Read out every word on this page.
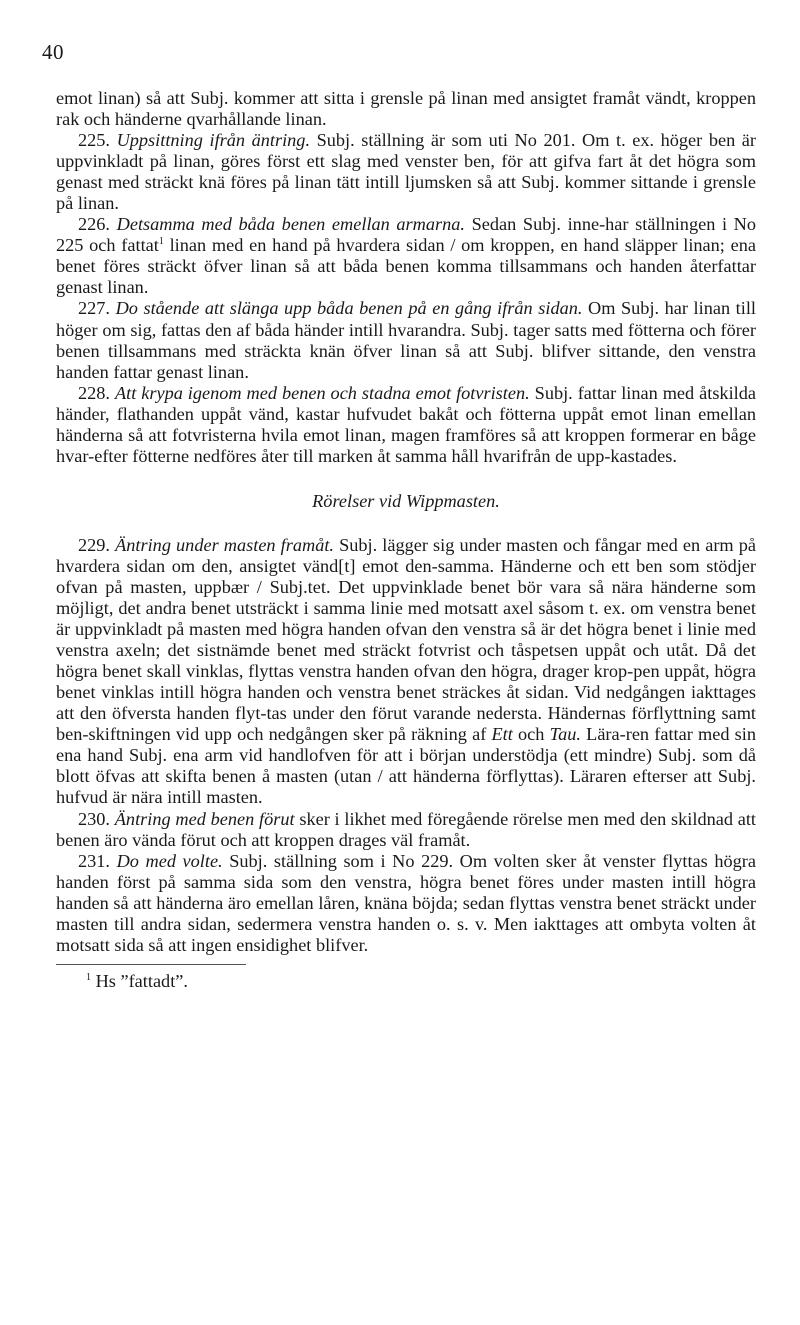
40

emot linan) så att Subj. kommer att sitta i grensle på linan med ansigtet framåt vändt, kroppen rak och händerne qvarhållande linan.

225. Uppsittning ifrån äntring. Subj. ställning är som uti No 201. Om t. ex. höger ben är uppvinkladt på linan, göres först ett slag med venster ben, för att gifva fart åt det högra som genast med sträckt knä föres på linan tätt intill ljumsken så att Subj. kommer sittande i grensle på linan.

226. Detsamma med båda benen emellan armarna. Sedan Subj. inne-har ställningen i No 225 och fattat$^1$ linan med en hand på hvardera sidan / om kroppen, en hand släpper linan; ena benet föres sträckt öfver linan så att båda benen komma tillsammans och handen återfattar genast linan.

227. Do stående att slänga upp båda benen på en gång ifrån sidan. Om Subj. har linan till höger om sig, fattas den af båda händer intill hvarandra. Subj. tager satts med fötterna och förer benen tillsammans med sträckta knän öfver linan så att Subj. blifver sittande, den venstra handen fattar genast linan.

228. Att krypa igenom med benen och stadna emot fotvristen. Subj. fattar linan med åtskilda händer, flathanden uppåt vänd, kastar hufvudet bakåt och fötterna uppåt emot linan emellan händerna så att fotvristerna hvila emot linan, magen framföres så att kroppen formerar en båge hvar-efter fötterne nedföres åter till marken åt samma håll hvarifrån de upp-kastades.

Rörelser vid Wippmasten.

229. Äntring under masten framåt. Subj. lägger sig under masten och fångar med en arm på hvardera sidan om den, ansigtet vänd[t] emot den-samma. Händerne och ett ben som stödjer ofvan på masten, uppbær / Subj.tet. Det uppvinklade benet bör vara så nära händerne som möjligt, det andra benet utsträckt i samma linie med motsatt axel såsom t. ex. om venstra benet är uppvinkladt på masten med högra handen ofvan den venstra så är det högra benet i linie med venstra axeln; det sistnämde benet med sträckt fotvrist och tåspetsen uppåt och utåt. Då det högra benet skall vinklas, flyttas venstra handen ofvan den högra, drager krop-pen uppåt, högra benet vinklas intill högra handen och venstra benet sträckes åt sidan. Vid nedgången iakttages att den öfversta handen flyt-tas under den förut varande nedersta. Händernas förflyttning samt ben-skiftningen vid upp och nedgången sker på räkning af Ett och Tau. Lära-ren fattar med sin ena hand Subj. ena arm vid handlofven för att i början understödja (ett mindre) Subj. som då blott öfvas att skifta benen å masten (utan / att händerna förflyttas). Läraren efterser att Subj. hufvud är nära intill masten.

230. Äntring med benen förut sker i likhet med föregående rörelse men med den skildnad att benen äro vända förut och att kroppen drages väl framåt.

231. Do med volte. Subj. ställning som i No 229. Om volten sker åt venster flyttas högra handen först på samma sida som den venstra, högra benet föres under masten intill högra handen så att händerna äro emellan låren, knäna böjda; sedan flyttas venstra benet sträckt under masten till andra sidan, sedermera venstra handen o. s. v. Men iakttages att ombyta volten åt motsatt sida så att ingen ensidighet blifver.

$^1$ Hs ”fattadt”.
